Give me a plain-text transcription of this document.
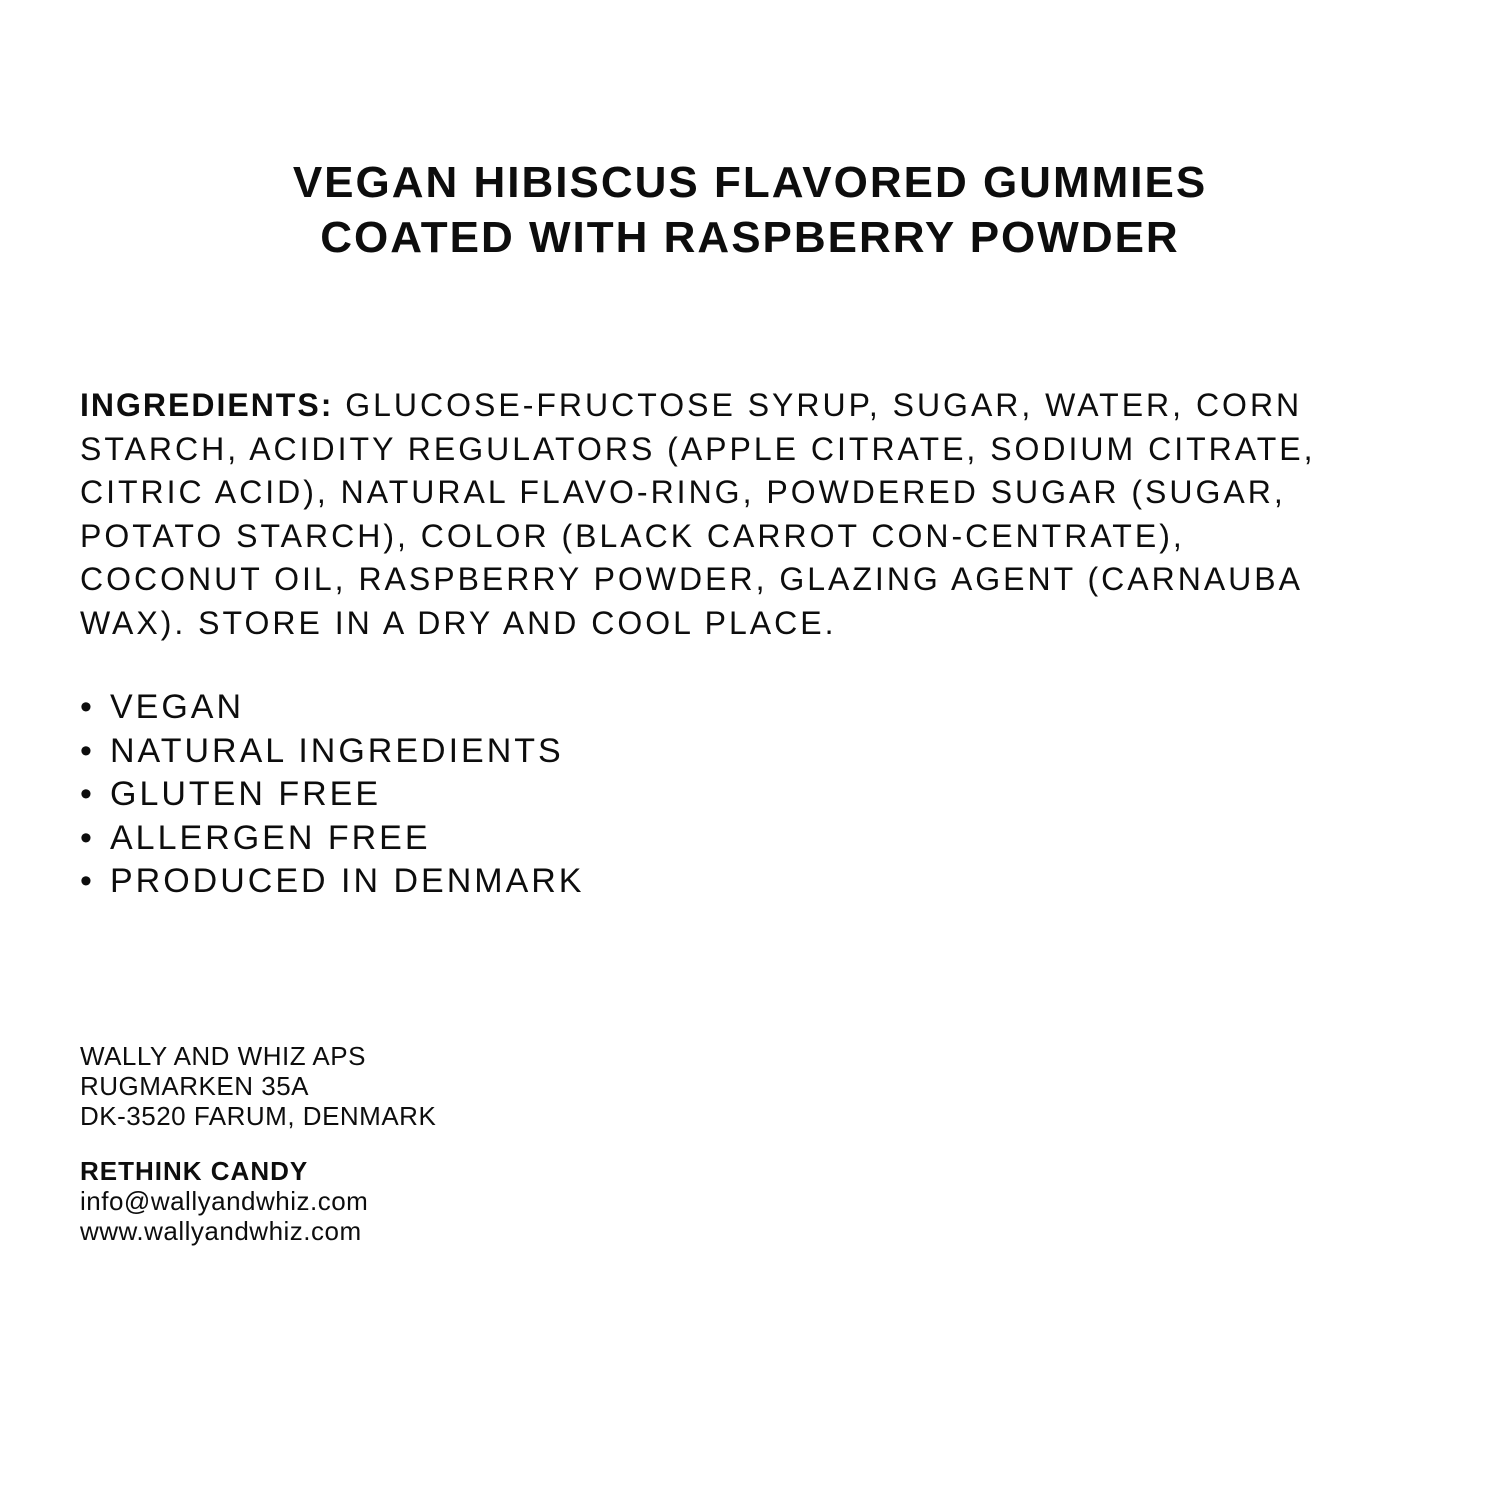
VEGAN HIBISCUS FLAVORED GUMMIES
COATED WITH RASPBERRY POWDER

INGREDIENTS: GLUCOSE-FRUCTOSE SYRUP, SUGAR, WATER, CORN STARCH, ACIDITY REGULATORS (APPLE CITRATE, SODIUM CITRATE, CITRIC ACID), NATURAL FLAVO-RING, POWDERED SUGAR (SUGAR, POTATO STARCH), COLOR (BLACK CARROT CON-CENTRATE), COCONUT OIL, RASPBERRY POWDER, GLAZING AGENT (CARNAUBA WAX). STORE IN A DRY AND COOL PLACE.

• VEGAN
• NATURAL INGREDIENTS
• GLUTEN FREE
• ALLERGEN FREE
• PRODUCED IN DENMARK
WALLY AND WHIZ APS
RUGMARKEN 35A
DK-3520 FARUM, DENMARK
RETHINK CANDY
info@wallyandwhiz.com
www.wallyandwhiz.com
